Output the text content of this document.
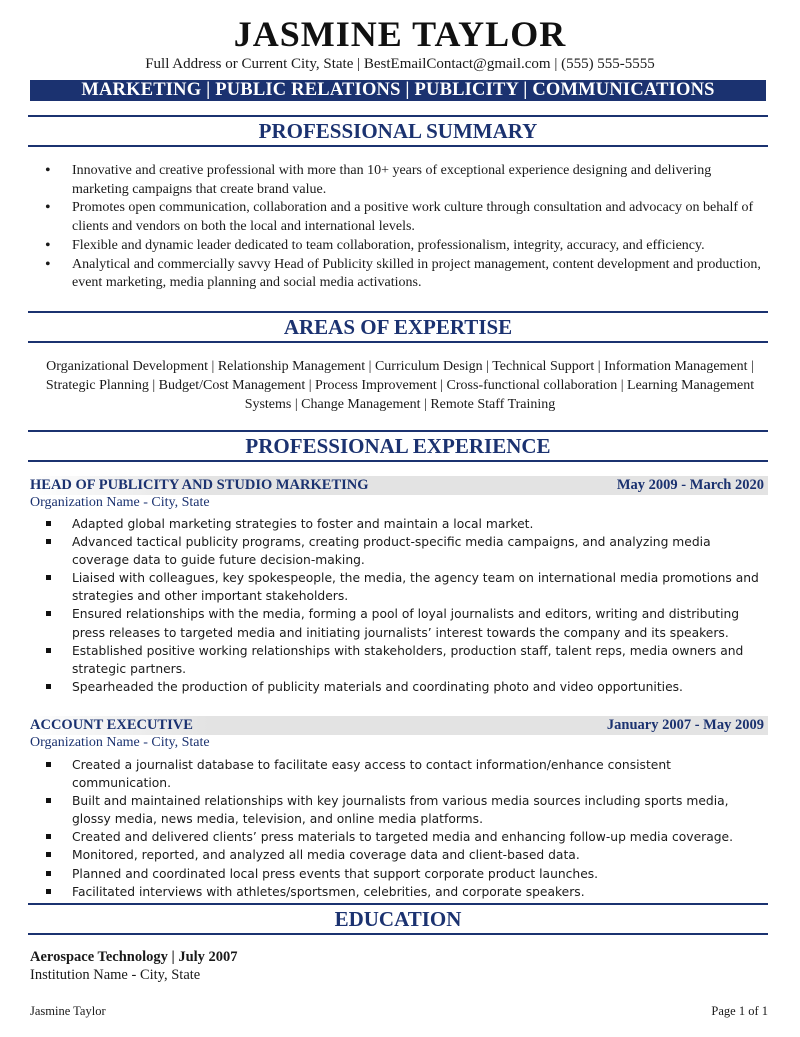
JASMINE TAYLOR
Full Address or Current City, State | BestEmailContact@gmail.com | (555) 555-5555
MARKETING | PUBLIC RELATIONS | PUBLICITY | COMMUNICATIONS
PROFESSIONAL SUMMARY
• Innovative and creative professional with more than 10+ years of exceptional experience designing and delivering marketing campaigns that create brand value.
• Promotes open communication, collaboration and a positive work culture through consultation and advocacy on behalf of clients and vendors on both the local and international levels.
• Flexible and dynamic leader dedicated to team collaboration, professionalism, integrity, accuracy, and efficiency.
• Analytical and commercially savvy Head of Publicity skilled in project management, content development and production, event marketing, media planning and social media activations.
AREAS OF EXPERTISE
Organizational Development | Relationship Management | Curriculum Design | Technical Support | Information Management | Strategic Planning | Budget/Cost Management | Process Improvement | Cross-functional collaboration | Learning Management Systems | Change Management | Remote Staff Training
PROFESSIONAL EXPERIENCE
HEAD OF PUBLICITY AND STUDIO MARKETING	May 2009 - March 2020
Organization Name - City, State
Adapted global marketing strategies to foster and maintain a local market.
Advanced tactical publicity programs, creating product-specific media campaigns, and analyzing media coverage data to guide future decision-making.
Liaised with colleagues, key spokespeople, the media, the agency team on international media promotions and strategies and other important stakeholders.
Ensured relationships with the media, forming a pool of loyal journalists and editors, writing and distributing press releases to targeted media and initiating journalists’ interest towards the company and its speakers.
Established positive working relationships with stakeholders, production staff, talent reps, media owners and strategic partners.
Spearheaded the production of publicity materials and coordinating photo and video opportunities.
ACCOUNT EXECUTIVE	January 2007 - May 2009
Organization Name - City, State
Created a journalist database to facilitate easy access to contact information/enhance consistent communication.
Built and maintained relationships with key journalists from various media sources including sports media, glossy media, news media, television, and online media platforms.
Created and delivered clients’ press materials to targeted media and enhancing follow-up media coverage.
Monitored, reported, and analyzed all media coverage data and client-based data.
Planned and coordinated local press events that support corporate product launches.
Facilitated interviews with athletes/sportsmen, celebrities, and corporate speakers.
EDUCATION
Aerospace Technology | July 2007
Institution Name - City, State
Jasmine Taylor	Page 1 of 1
